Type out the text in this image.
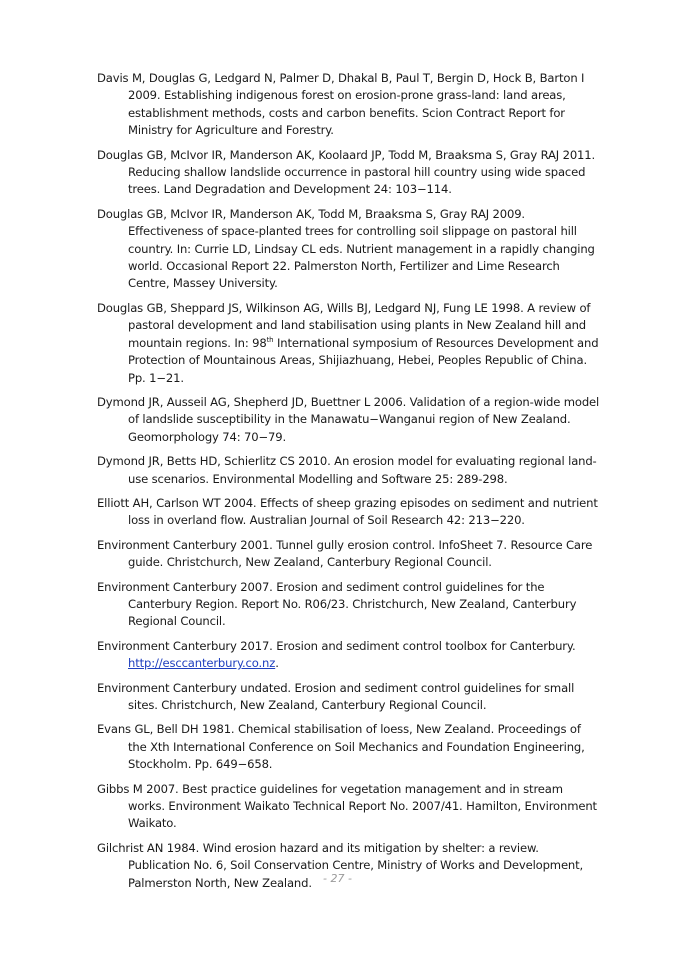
Davis M, Douglas G, Ledgard N, Palmer D, Dhakal B, Paul T, Bergin D, Hock B, Barton I 2009. Establishing indigenous forest on erosion-prone grass-land: land areas, establishment methods, costs and carbon benefits. Scion Contract Report for Ministry for Agriculture and Forestry.

Douglas GB, McIvor IR, Manderson AK, Koolaard JP, Todd M, Braaksma S, Gray RAJ 2011. Reducing shallow landslide occurrence in pastoral hill country using wide spaced trees. Land Degradation and Development 24: 103−114.

Douglas GB, McIvor IR, Manderson AK, Todd M, Braaksma S, Gray RAJ 2009. Effectiveness of space-planted trees for controlling soil slippage on pastoral hill country. In: Currie LD, Lindsay CL eds. Nutrient management in a rapidly changing world. Occasional Report 22. Palmerston North, Fertilizer and Lime Research Centre, Massey University.

Douglas GB, Sheppard JS, Wilkinson AG, Wills BJ, Ledgard NJ, Fung LE 1998. A review of pastoral development and land stabilisation using plants in New Zealand hill and mountain regions. In: 98th International symposium of Resources Development and Protection of Mountainous Areas, Shijiazhuang, Hebei, Peoples Republic of China. Pp. 1−21.

Dymond JR, Ausseil AG, Shepherd JD, Buettner L 2006. Validation of a region-wide model of landslide susceptibility in the Manawatu−Wanganui region of New Zealand. Geomorphology 74: 70−79.

Dymond JR, Betts HD, Schierlitz CS 2010. An erosion model for evaluating regional land-use scenarios. Environmental Modelling and Software 25: 289-298.

Elliott AH, Carlson WT 2004. Effects of sheep grazing episodes on sediment and nutrient loss in overland flow. Australian Journal of Soil Research 42: 213−220.

Environment Canterbury 2001. Tunnel gully erosion control. InfoSheet 7. Resource Care guide. Christchurch, New Zealand, Canterbury Regional Council.

Environment Canterbury 2007. Erosion and sediment control guidelines for the Canterbury Region. Report No. R06/23. Christchurch, New Zealand, Canterbury Regional Council.

Environment Canterbury 2017. Erosion and sediment control toolbox for Canterbury. http://esccanterbury.co.nz.

Environment Canterbury undated. Erosion and sediment control guidelines for small sites. Christchurch, New Zealand, Canterbury Regional Council.

Evans GL, Bell DH 1981. Chemical stabilisation of loess, New Zealand. Proceedings of the Xth International Conference on Soil Mechanics and Foundation Engineering, Stockholm. Pp. 649−658.

Gibbs M 2007. Best practice guidelines for vegetation management and in stream works. Environment Waikato Technical Report No. 2007/41. Hamilton, Environment Waikato.

Gilchrist AN 1984. Wind erosion hazard and its mitigation by shelter: a review. Publication No. 6, Soil Conservation Centre, Ministry of Works and Development, Palmerston North, New Zealand.	- 27 -
